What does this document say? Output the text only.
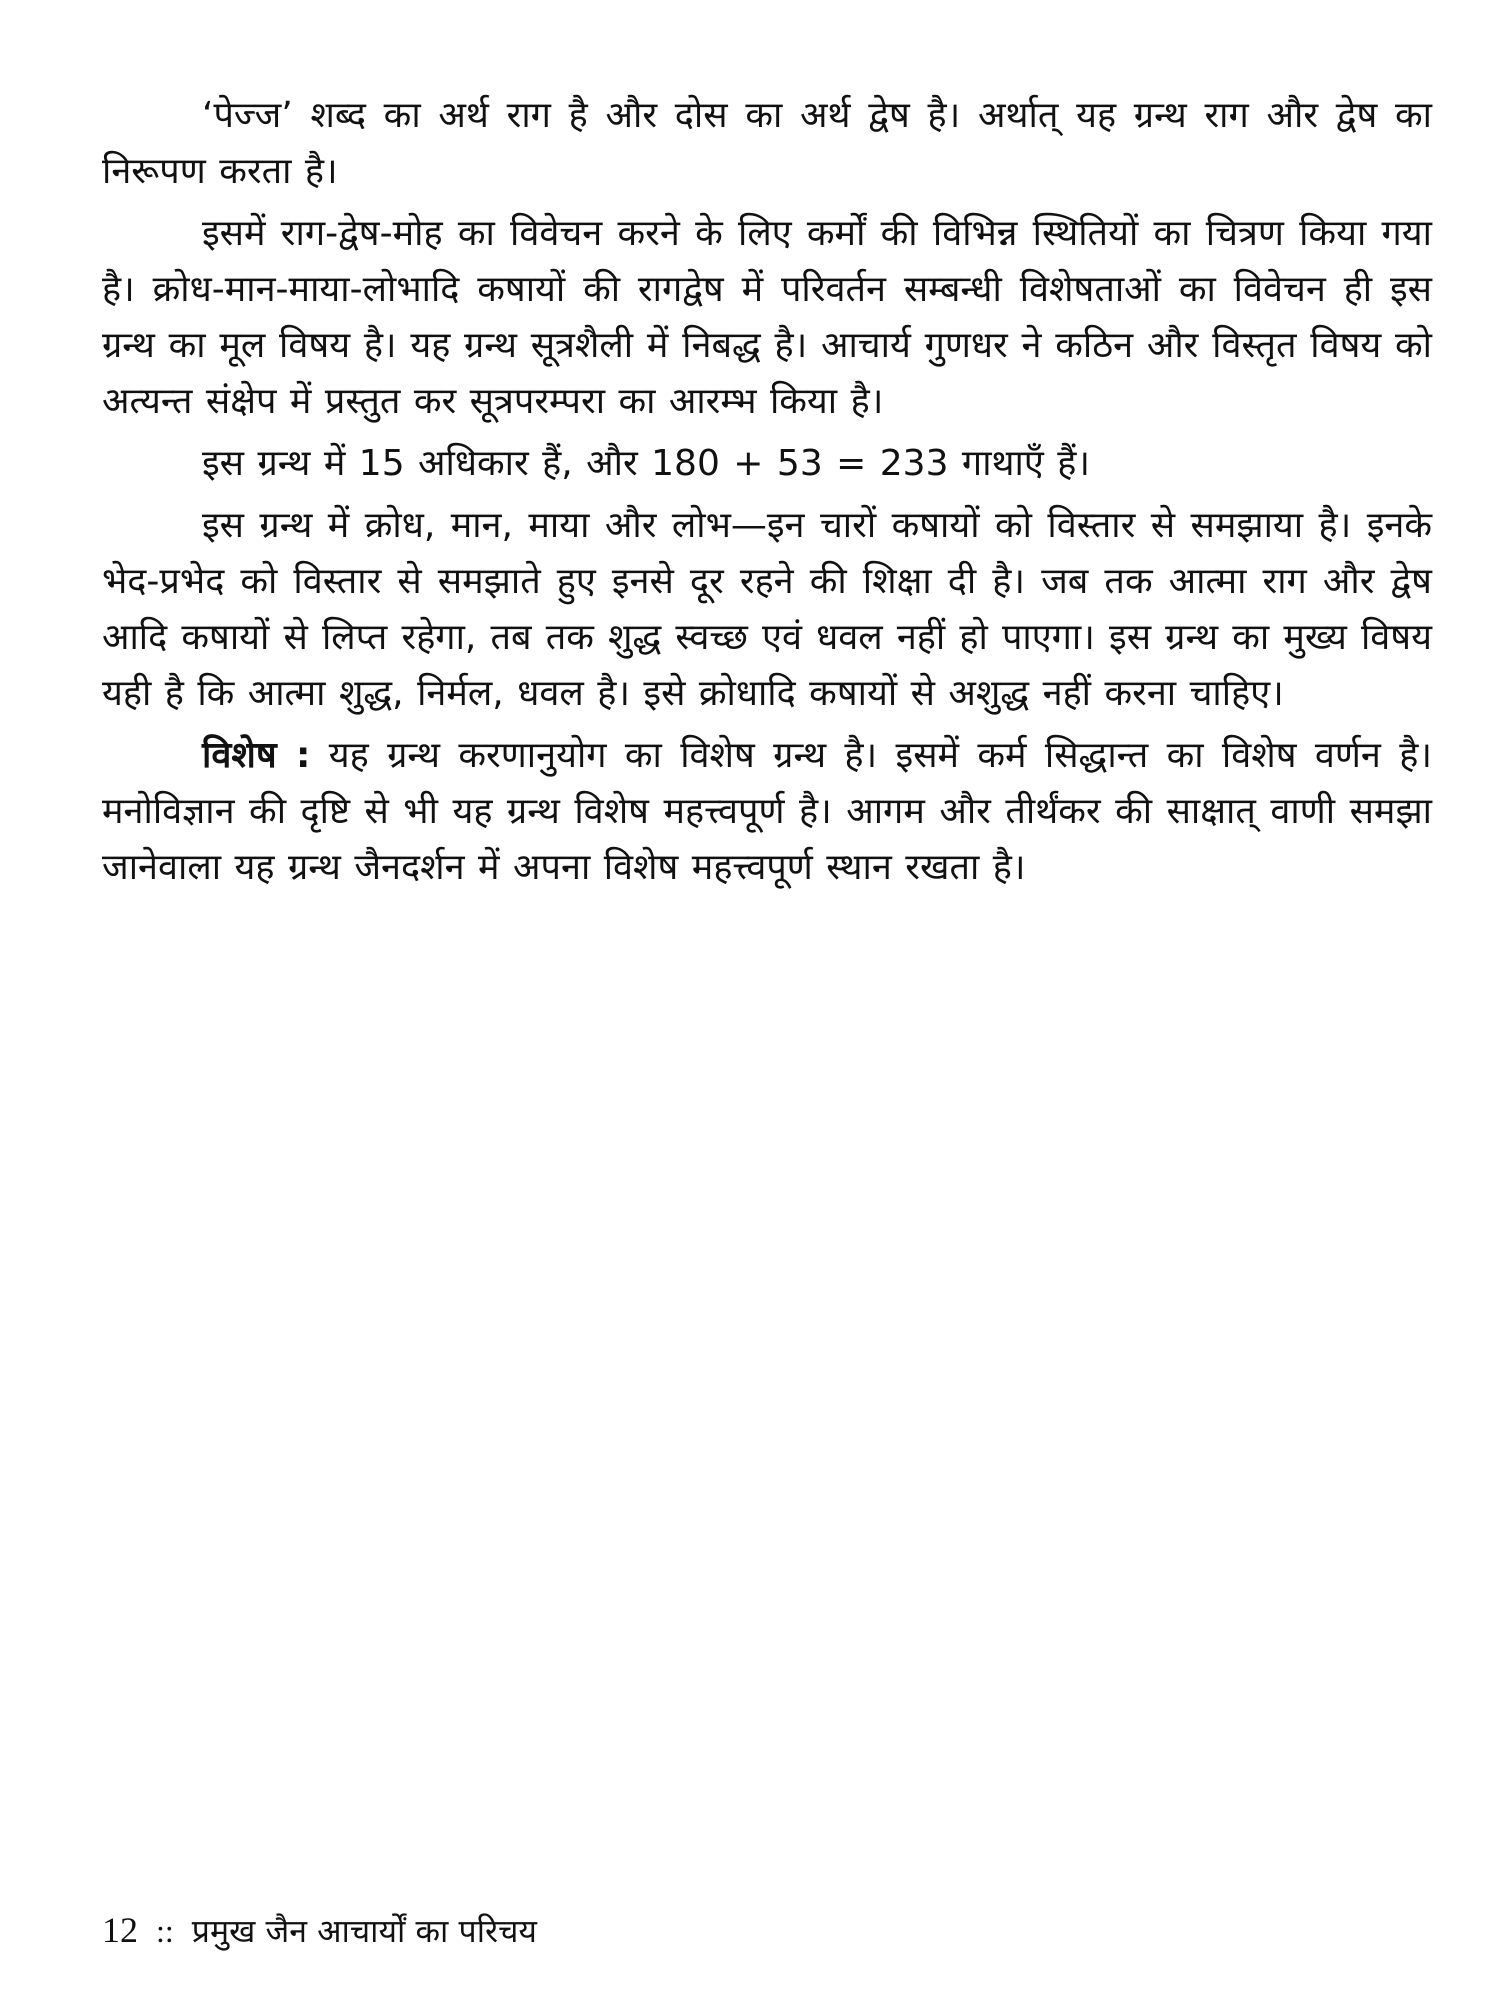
‘पेज्ज’ शब्द का अर्थ राग है और दोस का अर्थ द्वेष है। अर्थात् यह ग्रन्थ राग और द्वेष का निरूपण करता है।

इसमें राग-द्वेष-मोह का विवेचन करने के लिए कर्मों की विभिन्न स्थितियों का चित्रण किया गया है। क्रोध-मान-माया-लोभादि कषायों की रागद्वेष में परिवर्तन सम्बन्धी विशेषताओं का विवेचन ही इस ग्रन्थ का मूल विषय है। यह ग्रन्थ सूत्रशैली में निबद्ध है। आचार्य गुणधर ने कठिन और विस्तृत विषय को अत्यन्त संक्षेप में प्रस्तुत कर सूत्रपरम्परा का आरम्भ किया है।

इस ग्रन्थ में 15 अधिकार हैं, और 180 + 53 = 233 गाथाएँ हैं।

इस ग्रन्थ में क्रोध, मान, माया और लोभ—इन चारों कषायों को विस्तार से समझाया है। इनके भेद-प्रभेद को विस्तार से समझाते हुए इनसे दूर रहने की शिक्षा दी है। जब तक आत्मा राग और द्वेष आदि कषायों से लिप्त रहेगा, तब तक शुद्ध स्वच्छ एवं धवल नहीं हो पाएगा। इस ग्रन्थ का मुख्य विषय यही है कि आत्मा शुद्ध, निर्मल, धवल है। इसे क्रोधादि कषायों से अशुद्ध नहीं करना चाहिए।

विशेष : यह ग्रन्थ करणानुयोग का विशेष ग्रन्थ है। इसमें कर्म सिद्धान्त का विशेष वर्णन है। मनोविज्ञान की दृष्टि से भी यह ग्रन्थ विशेष महत्त्वपूर्ण है। आगम और तीर्थंकर की साक्षात् वाणी समझा जानेवाला यह ग्रन्थ जैनदर्शन में अपना विशेष महत्त्वपूर्ण स्थान रखता है।

12 :: प्रमुख जैन आचार्यों का परिचय
